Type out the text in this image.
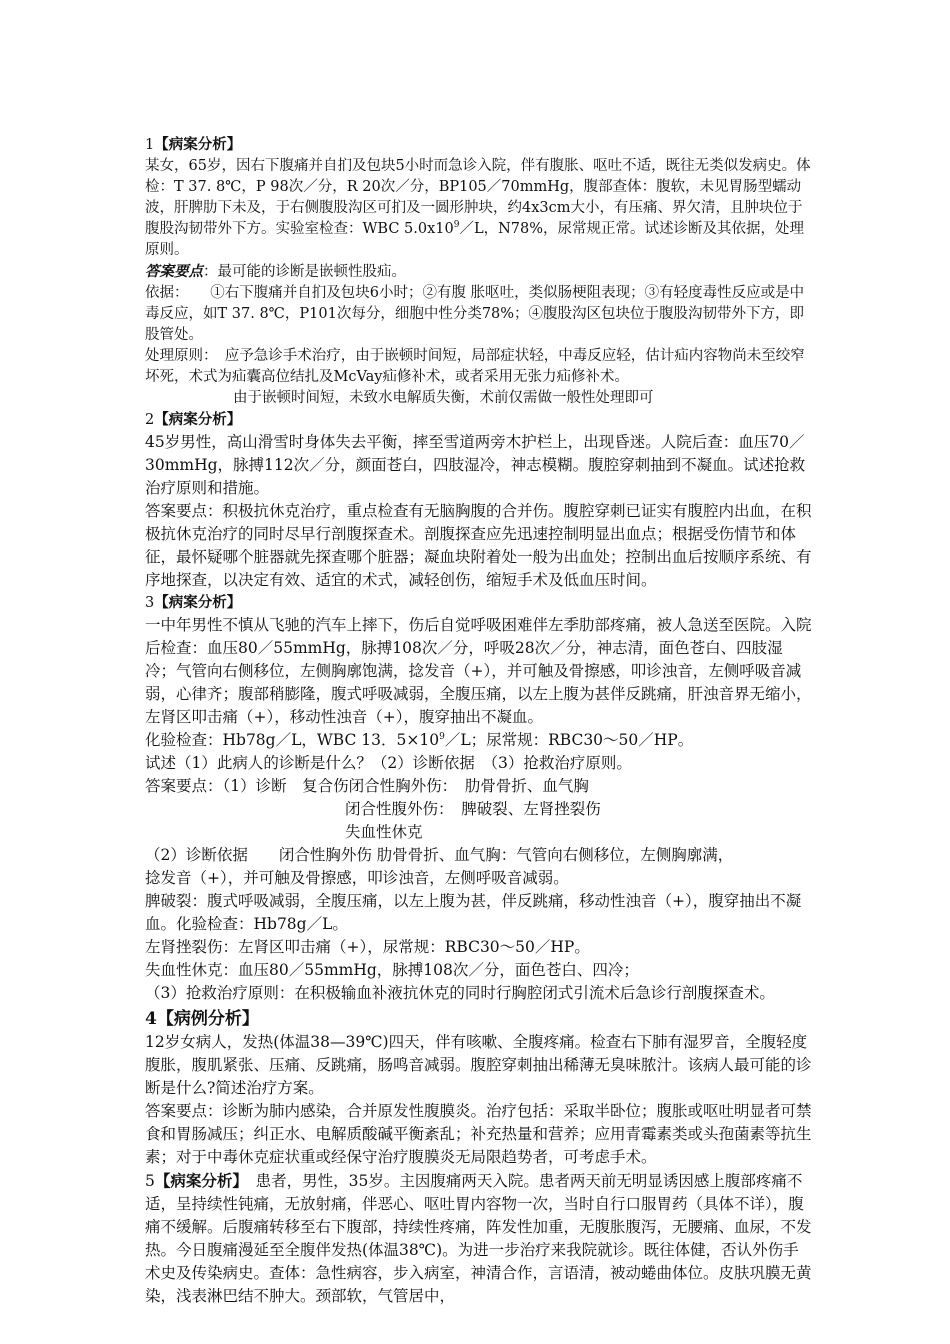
1【病案分析】

某女，65岁，因右下腹痛并自扪及包块5小时而急诊入院，伴有腹胀、呕吐不适，既往无类似发病史。体检：T 37. 8℃，P 98次／分，R 20次／分，BP105／70mmHg，腹部查体：腹软，未见胃肠型蠕动波，肝脾肋下未及，于右侧腹股沟区可扪及一圆形肿块，约4x3cm大小，有压痛、界欠清，且肿块位于腹股沟韧带外下方。实验室检查：WBC $5.0x10^9/L$，N78%，尿常规正常。试述诊断及其依据，处理原则。

答案要点：最可能的诊断是嵌顿性股疝。

依据：　　①右下腹痛并自扪及包块6小时；②有腹 胀呕吐，类似肠梗阻表现；③有轻度毒性反应或是中毒反应，如T 37. 8℃，P101次每分，细胞中性分类78%；④腹股沟区包块位于腹股沟韧带外下方，即股管处。

处理原则：　应予急诊手术治疗，由于嵌顿时间短，局部症状轻，中毒反应轻，估计疝内容物尚未至绞窄坏死，术式为疝囊高位结扎及McVay疝修补术，或者采用无张力疝修补术。

由于嵌顿时间短，未致水电解质失衡，术前仅需做一般性处理即可

2【病案分析】

45岁男性，高山滑雪时身体失去平衡，摔至雪道两旁木护栏上，出现昏迷。人院后查：血压70／30mmHg，脉搏112次／分，颜面苍白，四肢湿冷，神志模糊。腹腔穿刺抽到不凝血。试述抢救治疗原则和措施。

答案要点：积极抗休克治疗，重点检查有无脑胸腹的合并伤。腹腔穿刺已证实有腹腔内出血，在积极抗休克治疗的同时尽早行剖腹探查术。剖腹探查应先迅速控制明显出血点；根据受伤情节和体征，最怀疑哪个脏器就先探查哪个脏器；凝血块附着处一般为出血处；控制出血后按顺序系统、有序地探查，以决定有效、适宜的术式，减轻创伤，缩短手术及低血压时间。

3【病案分析】

一中年男性不慎从飞驰的汽车上摔下，伤后自觉呼吸困难伴左季肋部疼痛，被人急送至医院。入院后检查：血压80／55mmHg，脉搏108次／分，呼吸28次／分，神志清，面色苍白、四肢湿冷；气管向右侧移位，左侧胸廓饱满，捻发音（+），并可触及骨擦感，叩诊浊音，左侧呼吸音减弱，心律齐；腹部稍膨隆，腹式呼吸减弱，全腹压痛，以左上腹为甚伴反跳痛，肝浊音界无缩小，左肾区叩击痛（+），移动性浊音（+），腹穿抽出不凝血。

化验检查：Hb78g／L，WBC 13．$5\times 10^9/L$；尿常规：RBC30～50／HP。

试述（1）此病人的诊断是什么？（2）诊断依据　（3）抢救治疗原则。

答案要点：（1）诊断　复合伤闭合性胸外伤：　肋骨骨折、血气胸

闭合性腹外伤：　脾破裂、左肾挫裂伤

失血性休克

（2）诊断依据　　闭合性胸外伤 肋骨骨折、血气胸：气管向右侧移位，左侧胸廓满，

捻发音（+），并可触及骨擦感，叩诊浊音，左侧呼吸音减弱。

脾破裂：腹式呼吸减弱，全腹压痛，以左上腹为甚，伴反跳痛，移动性浊音（+），腹穿抽出不凝血。化验检查：Hb78g／L。

左肾挫裂伤：左肾区叩击痛（+），尿常规：RBC30～50／HP。

失血性休克：血压80／55mmHg，脉搏108次／分，面色苍白、四冷；

（3）抢救治疗原则：在积极输血补液抗休克的同时行胸腔闭式引流术后急诊行剖腹探查术。

4【病例分析】

12岁女病人，发热(体温38—39℃)四天，伴有咳嗽、全腹疼痛。检查右下肺有湿罗音，全腹轻度腹胀，腹肌紧张、压痛、反跳痛，肠鸣音减弱。腹腔穿刺抽出稀薄无臭味脓汁。该病人最可能的诊断是什么?简述治疗方案。

答案要点：诊断为肺内感染，合并原发性腹膜炎。治疗包括：采取半卧位；腹胀或呕吐明显者可禁食和胃肠减压；纠正水、电解质酸碱平衡紊乱；补充热量和营养；应用青霉素类或头孢菌素等抗生素；对于中毒休克症状重或经保守治疗腹膜炎无局限趋势者，可考虑手术。

5【病案分析】　患者，男性，35岁。主因腹痛两天入院。患者两天前无明显诱因感上腹部疼痛不适，呈持续性钝痛，无放射痛，伴恶心、呕吐胃内容物一次，当时自行口服胃药（具体不详），腹痛不缓解。后腹痛转移至右下腹部，持续性疼痛，阵发性加重，无腹胀腹泻，无腰痛、血尿，不发热。今日腹痛漫延至全腹伴发热(体温38℃)。为进一步治疗来我院就诊。既往体健，否认外伤手术史及传染病史。查体：急性病容，步入病室，神清合作，言语清，被动蜷曲体位。皮肤巩膜无黄染，浅表淋巴结不肿大。颈部软，气管居中，
